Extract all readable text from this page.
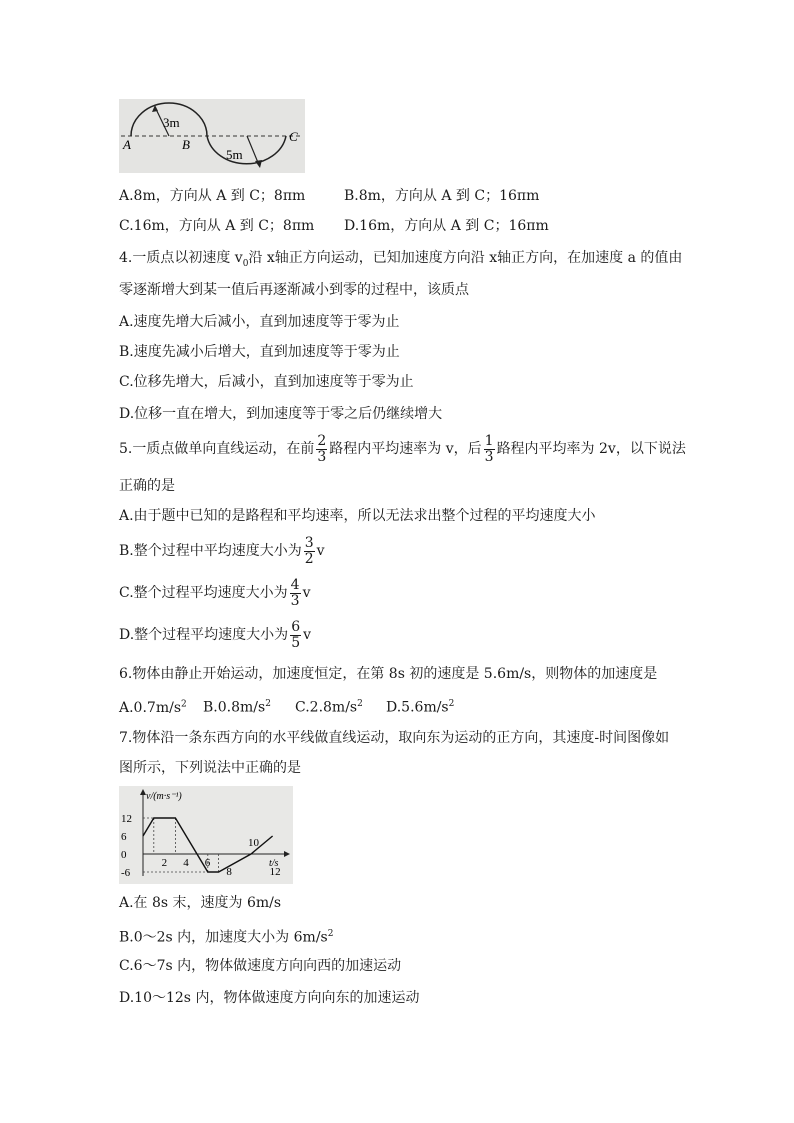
A	B
C
3m
5m
A.8m，方向从 A 到 C；8πm	B.8m，方向从 A 到 C；16πm
C.16m，方向从 A 到 C；8πm D.16m，方向从 A 到 C；16πm
4.一质点以初速度 $v_0$沿 x轴正方向运动，已知加速度方向沿 x轴正方向，在加速度 a 的值由
零逐渐增大到某一值后再逐渐减小到零的过程中，该质点
A.速度先增大后减小，直到加速度等于零为止
B.速度先减小后增大，直到加速度等于零为止
C.位移先增大，后减小，直到加速度等于零为止
D.位移一直在增大，到加速度等于零之后仍继续增大
5.一质点做单向直线运动，在前 $\frac{2}{3}$ 路程内平均速率为 v，后 $\frac{1}{3}$ 路程内平均率为 2v，以下说法
正确的是
A.由于题中已知的是路程和平均速率，所以无法求出整个过程的平均速度大小
B.整个过程中平均速度大小为 $\frac{3}{2}$ v
C.整个过程平均速度大小为 $\frac{4}{3}$ v
D.整个过程平均速度大小为 $\frac{6}{5}$ v
6.物体由静止开始运动，加速度恒定，在第 8s 初的速度是 5.6m/s，则物体的加速度是
$A.0.7m/s^2$ $B.0.8m/s^2$ $C.2.8m/s^2$ $D.5.6m/s^2$
7.物体沿一条东西方向的水平线做直线运动，取向东为运动的正方向，其速度-时间图像如
图所示，下列说法中正确的是
12
6
0
-6
2 4 6
8
10
12
v/(m·s⁻¹)
t/s
A.在 8s 末，速度为 6m/s
B.0～2s 内，加速度大小为 $6m/s^2$
C.6～7s 内，物体做速度方向向西的加速运动
D.10～12s 内，物体做速度方向向东的加速运动
